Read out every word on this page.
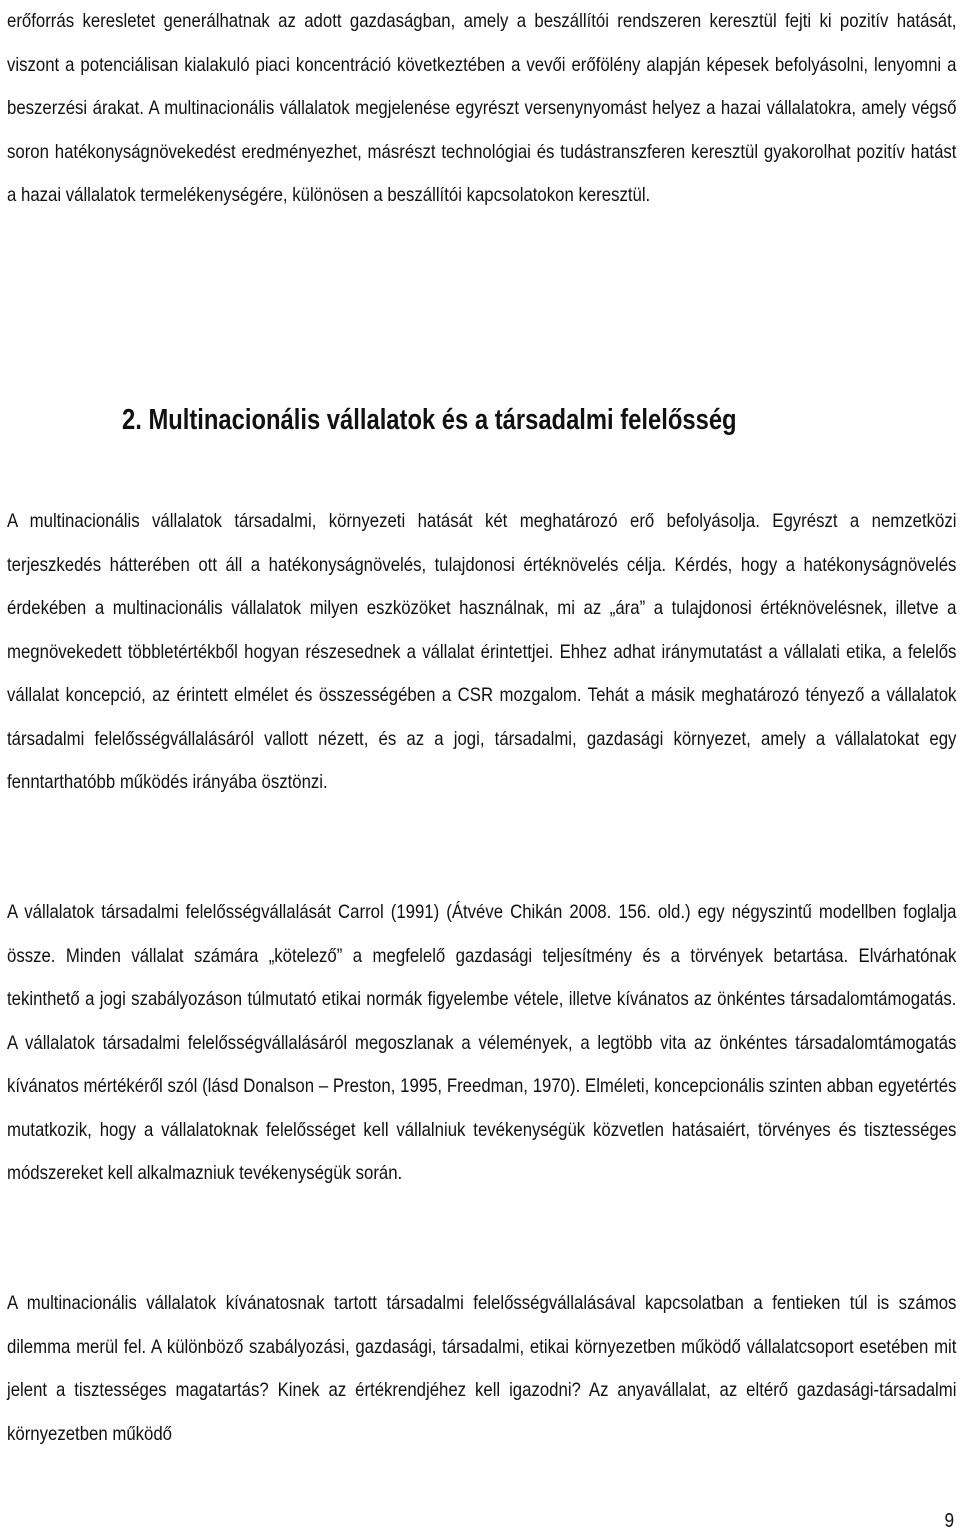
erőforrás keresletet generálhatnak az adott gazdaságban, amely a beszállítói rendszeren keresztül fejti ki pozitív hatását, viszont a potenciálisan kialakuló piaci koncentráció következtében a vevői erőfölény alapján képesek befolyásolni, lenyomni a beszerzési árakat. A multinacionális vállalatok megjelenése egyrészt versenynyomást helyez a hazai vállalatokra, amely végső soron hatékonyságnövekedést eredményezhet, másrészt technológiai és tudástranszferen keresztül gyakorolhat pozitív hatást a hazai vállalatok termelékenységére, különösen a beszállítói kapcsolatokon keresztül.

2. Multinacionális vállalatok és a társadalmi felelősség

A multinacionális vállalatok társadalmi, környezeti hatását két meghatározó erő befolyásolja. Egyrészt a nemzetközi terjeszkedés hátterében ott áll a hatékonyságnövelés, tulajdonosi értéknövelés célja. Kérdés, hogy a hatékonyságnövelés érdekében a multinacionális vállalatok milyen eszközöket használnak, mi az „ára” a tulajdonosi értéknövelésnek, illetve a megnövekedett többletértékből hogyan részesednek a vállalat érintettjei. Ehhez adhat iránymutatást a vállalati etika, a felelős vállalat koncepció, az érintett elmélet és összességében a CSR mozgalom. Tehát a másik meghatározó tényező a vállalatok társadalmi felelősségvállalásáról vallott nézett, és az a jogi, társadalmi, gazdasági környezet, amely a vállalatokat egy fenntarthatóbb működés irányába ösztönzi.

A vállalatok társadalmi felelősségvállalását Carrol (1991) (Átvéve Chikán 2008. 156. old.) egy négyszintű modellben foglalja össze. Minden vállalat számára „kötelező” a megfelelő gazdasági teljesítmény és a törvények betartása. Elvárhatónak tekinthető a jogi szabályozáson túlmutató etikai normák figyelembe vétele, illetve kívánatos az önkéntes társadalomtámogatás. A vállalatok társadalmi felelősségvállalásáról megoszlanak a vélemények, a legtöbb vita az önkéntes társadalomtámogatás kívánatos mértékéről szól (lásd Donalson – Preston, 1995, Freedman, 1970). Elméleti, koncepcionális szinten abban egyetértés mutatkozik, hogy a vállalatoknak felelősséget kell vállalniuk tevékenységük közvetlen hatásaiért, törvényes és tisztességes módszereket kell alkalmazniuk tevékenységük során.

A multinacionális vállalatok kívánatosnak tartott társadalmi felelősségvállalásával kapcsolatban a fentieken túl is számos dilemma merül fel. A különböző szabályozási, gazdasági, társadalmi, etikai környezetben működő vállalatcsoport esetében mit jelent a tisztességes magatartás? Kinek az értékrendjéhez kell igazodni? Az anyavállalat, az eltérő gazdasági-társadalmi környezetben működő

9
